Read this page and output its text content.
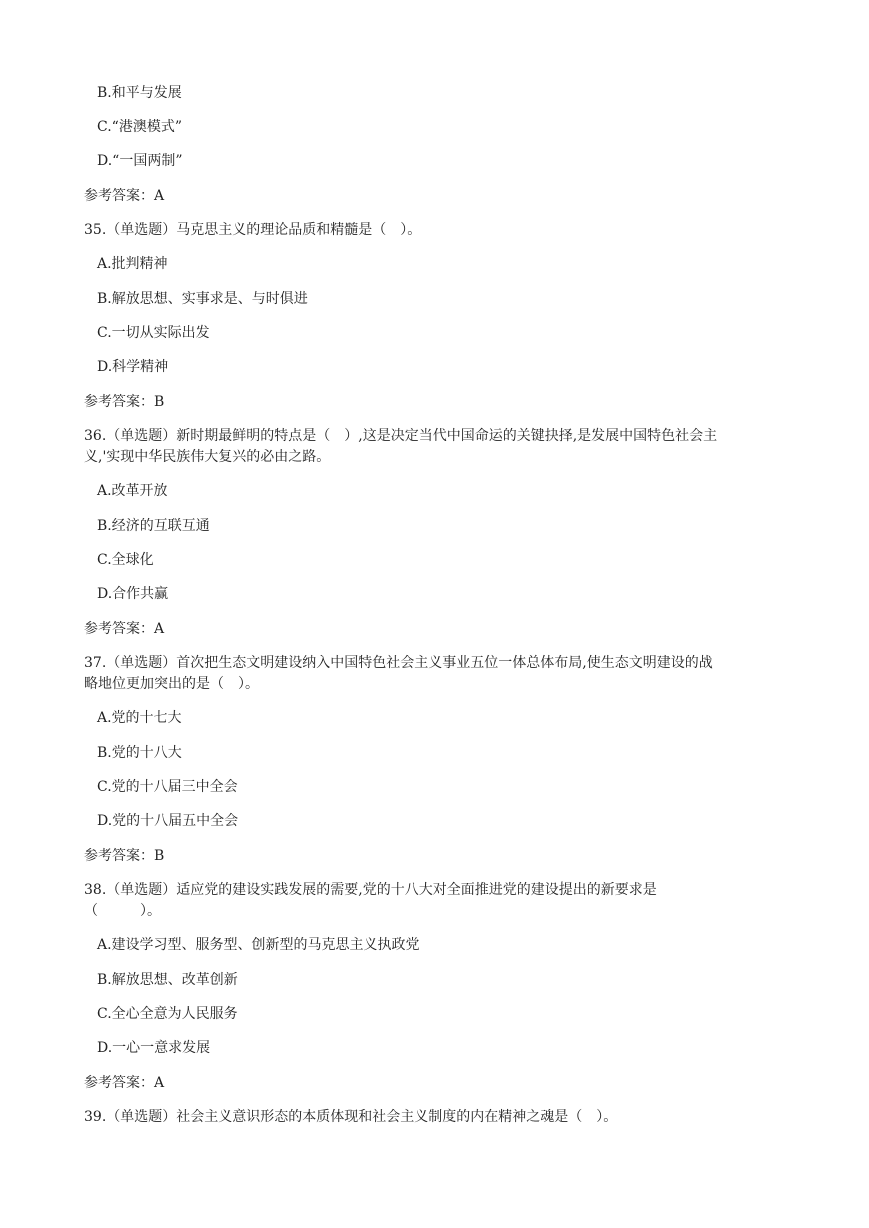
B.和平与发展
C.“港澳模式”
D.“一国两制”
参考答案：A
35.（单选题）马克思主义的理论品质和精髓是（　）。
A.批判精神
B.解放思想、实事求是、与时俱进
C.一切从实际出发
D.科学精神
参考答案：B
36.（单选题）新时期最鲜明的特点是（　）,这是决定当代中国命运的关键抉择,是发展中国特色社会主
义,'实现中华民族伟大复兴的必由之路。
A.改革开放
B.经济的互联互通
C.全球化
D.合作共赢
参考答案：A
37.（单选题）首次把生态文明建设纳入中国特色社会主义事业五位一体总体布局,使生态文明建设的战
略地位更加突出的是（　）。
A.党的十七大
B.党的十八大
C.党的十八届三中全会
D.党的十八届五中全会
参考答案：B
38.（单选题）适应党的建设实践发展的需要,党的十八大对全面推进党的建设提出的新要求是
（　　　）。
A.建设学习型、服务型、创新型的马克思主义执政党
B.解放思想、改革创新
C.全心全意为人民服务
D.一心一意求发展
参考答案：A
39.（单选题）社会主义意识形态的本质体现和社会主义制度的内在精神之魂是（　）。
